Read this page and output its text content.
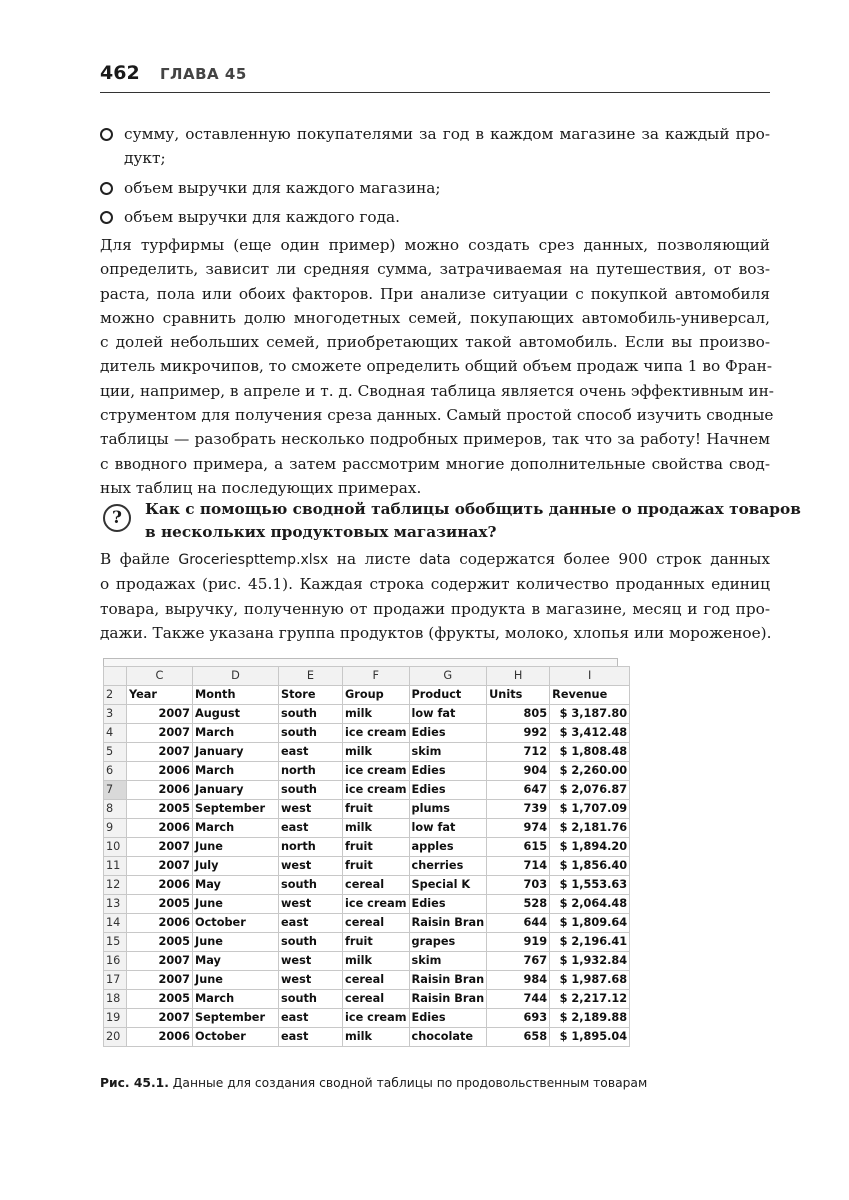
462 ГЛАВА 45
сумму, оставленную покупателями за год в каждом магазине за каждый про-
дукт;
объем выручки для каждого магазина;
объем выручки для каждого года.
Для турфирмы (еще один пример) можно создать срез данных, позволяющий
определить, зависит ли средняя сумма, затрачиваемая на путешествия, от воз-
раста, пола или обоих факторов. При анализе ситуации с покупкой автомобиля
можно сравнить долю многодетных семей, покупающих автомобиль-универсал,
с долей небольших семей, приобретающих такой автомобиль. Если вы произво-
дитель микрочипов, то сможете определить общий объем продаж чипа 1 во Фран-
ции, например, в апреле и т. д. Сводная таблица является очень эффективным ин-
струментом для получения среза данных. Самый простой способ изучить сводные
таблицы — разобрать несколько подробных примеров, так что за работу! Начнем
с вводного примера, а затем рассмотрим многие дополнительные свойства свод-
ных таблиц на последующих примерах.
?	Как с помощью сводной таблицы обобщить данные о продажах товаров
в нескольких продуктовых магазинах?
В файле Groceriespttemp.xlsx на листе data содержатся более 900 строк данных
о продажах (рис. 45.1). Каждая строка содержит количество проданных единиц
товара, выручку, полученную от продажи продукта в магазине, месяц и год про-
дажи. Также указана группа продуктов (фрукты, молоко, хлопья или мороженое).
	C	D	E	F	G	H	I
2	Year	Month	Store	Group	Product	Units	Revenue
3	2007	August	south	milk	low fat	805	$ 3,187.80
4	2007	March	south	ice cream	Edies	992	$ 3,412.48
5	2007	January	east	milk	skim	712	$ 1,808.48
6	2006	March	north	ice cream	Edies	904	$ 2,260.00
7	2006	January	south	ice cream	Edies	647	$ 2,076.87
8	2005	September	west	fruit	plums	739	$ 1,707.09
9	2006	March	east	milk	low fat	974	$ 2,181.76
10	2007	June	north	fruit	apples	615	$ 1,894.20
11	2007	July	west	fruit	cherries	714	$ 1,856.40
12	2006	May	south	cereal	Special K	703	$ 1,553.63
13	2005	June	west	ice cream	Edies	528	$ 2,064.48
14	2006	October	east	cereal	Raisin Bran	644	$ 1,809.64
15	2005	June	south	fruit	grapes	919	$ 2,196.41
16	2007	May	west	milk	skim	767	$ 1,932.84
17	2007	June	west	cereal	Raisin Bran	984	$ 1,987.68
18	2005	March	south	cereal	Raisin Bran	744	$ 2,217.12
19	2007	September	east	ice cream	Edies	693	$ 2,189.88
20	2006	October	east	milk	chocolate	658	$ 1,895.04
Рис. 45.1. Данные для создания сводной таблицы по продовольственным товарам
